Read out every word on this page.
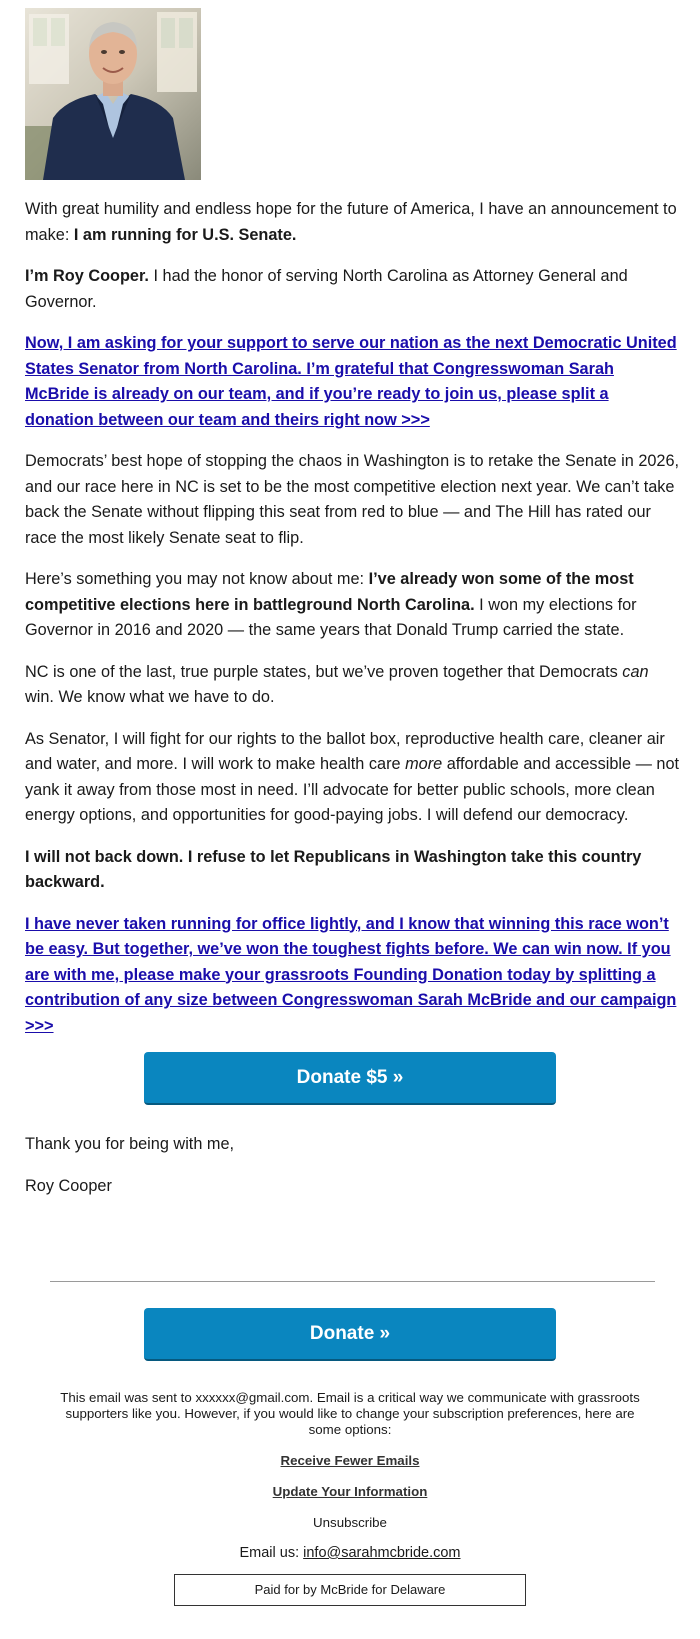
With great humility and endless hope for the future of America, I have an announcement to make: I am running for U.S. Senate.

I’m Roy Cooper. I had the honor of serving North Carolina as Attorney General and Governor.

Now, I am asking for your support to serve our nation as the next Democratic United States Senator from North Carolina. I’m grateful that Congresswoman Sarah McBride is already on our team, and if you’re ready to join us, please split a donation between our team and theirs right now >>>

Democrats’ best hope of stopping the chaos in Washington is to retake the Senate in 2026, and our race here in NC is set to be the most competitive election next year. We can’t take back the Senate without flipping this seat from red to blue — and The Hill has rated our race the most likely Senate seat to flip.

Here’s something you may not know about me: I’ve already won some of the most competitive elections here in battleground North Carolina. I won my elections for Governor in 2016 and 2020 — the same years that Donald Trump carried the state.

NC is one of the last, true purple states, but we’ve proven together that Democrats can win. We know what we have to do.

As Senator, I will fight for our rights to the ballot box, reproductive health care, cleaner air and water, and more. I will work to make health care more affordable and accessible — not yank it away from those most in need. I’ll advocate for better public schools, more clean energy options, and opportunities for good-paying jobs. I will defend our democracy.

I will not back down. I refuse to let Republicans in Washington take this country backward.

I have never taken running for office lightly, and I know that winning this race won’t be easy. But together, we’ve won the toughest fights before. We can win now. If you are with me, please make your grassroots Founding Donation today by splitting a contribution of any size between Congresswoman Sarah McBride and our campaign >>>

Donate $5 »
Thank you for being with me,
Roy Cooper
Donate »

This email was sent to xxxxxx@gmail.com. Email is a critical way we communicate with grassroots supporters like you. However, if you would like to change your subscription preferences, here are some options:

Receive Fewer Emails
Update Your Information
Unsubscribe
Email us: info@sarahmcbride.com
Paid for by McBride for Delaware
